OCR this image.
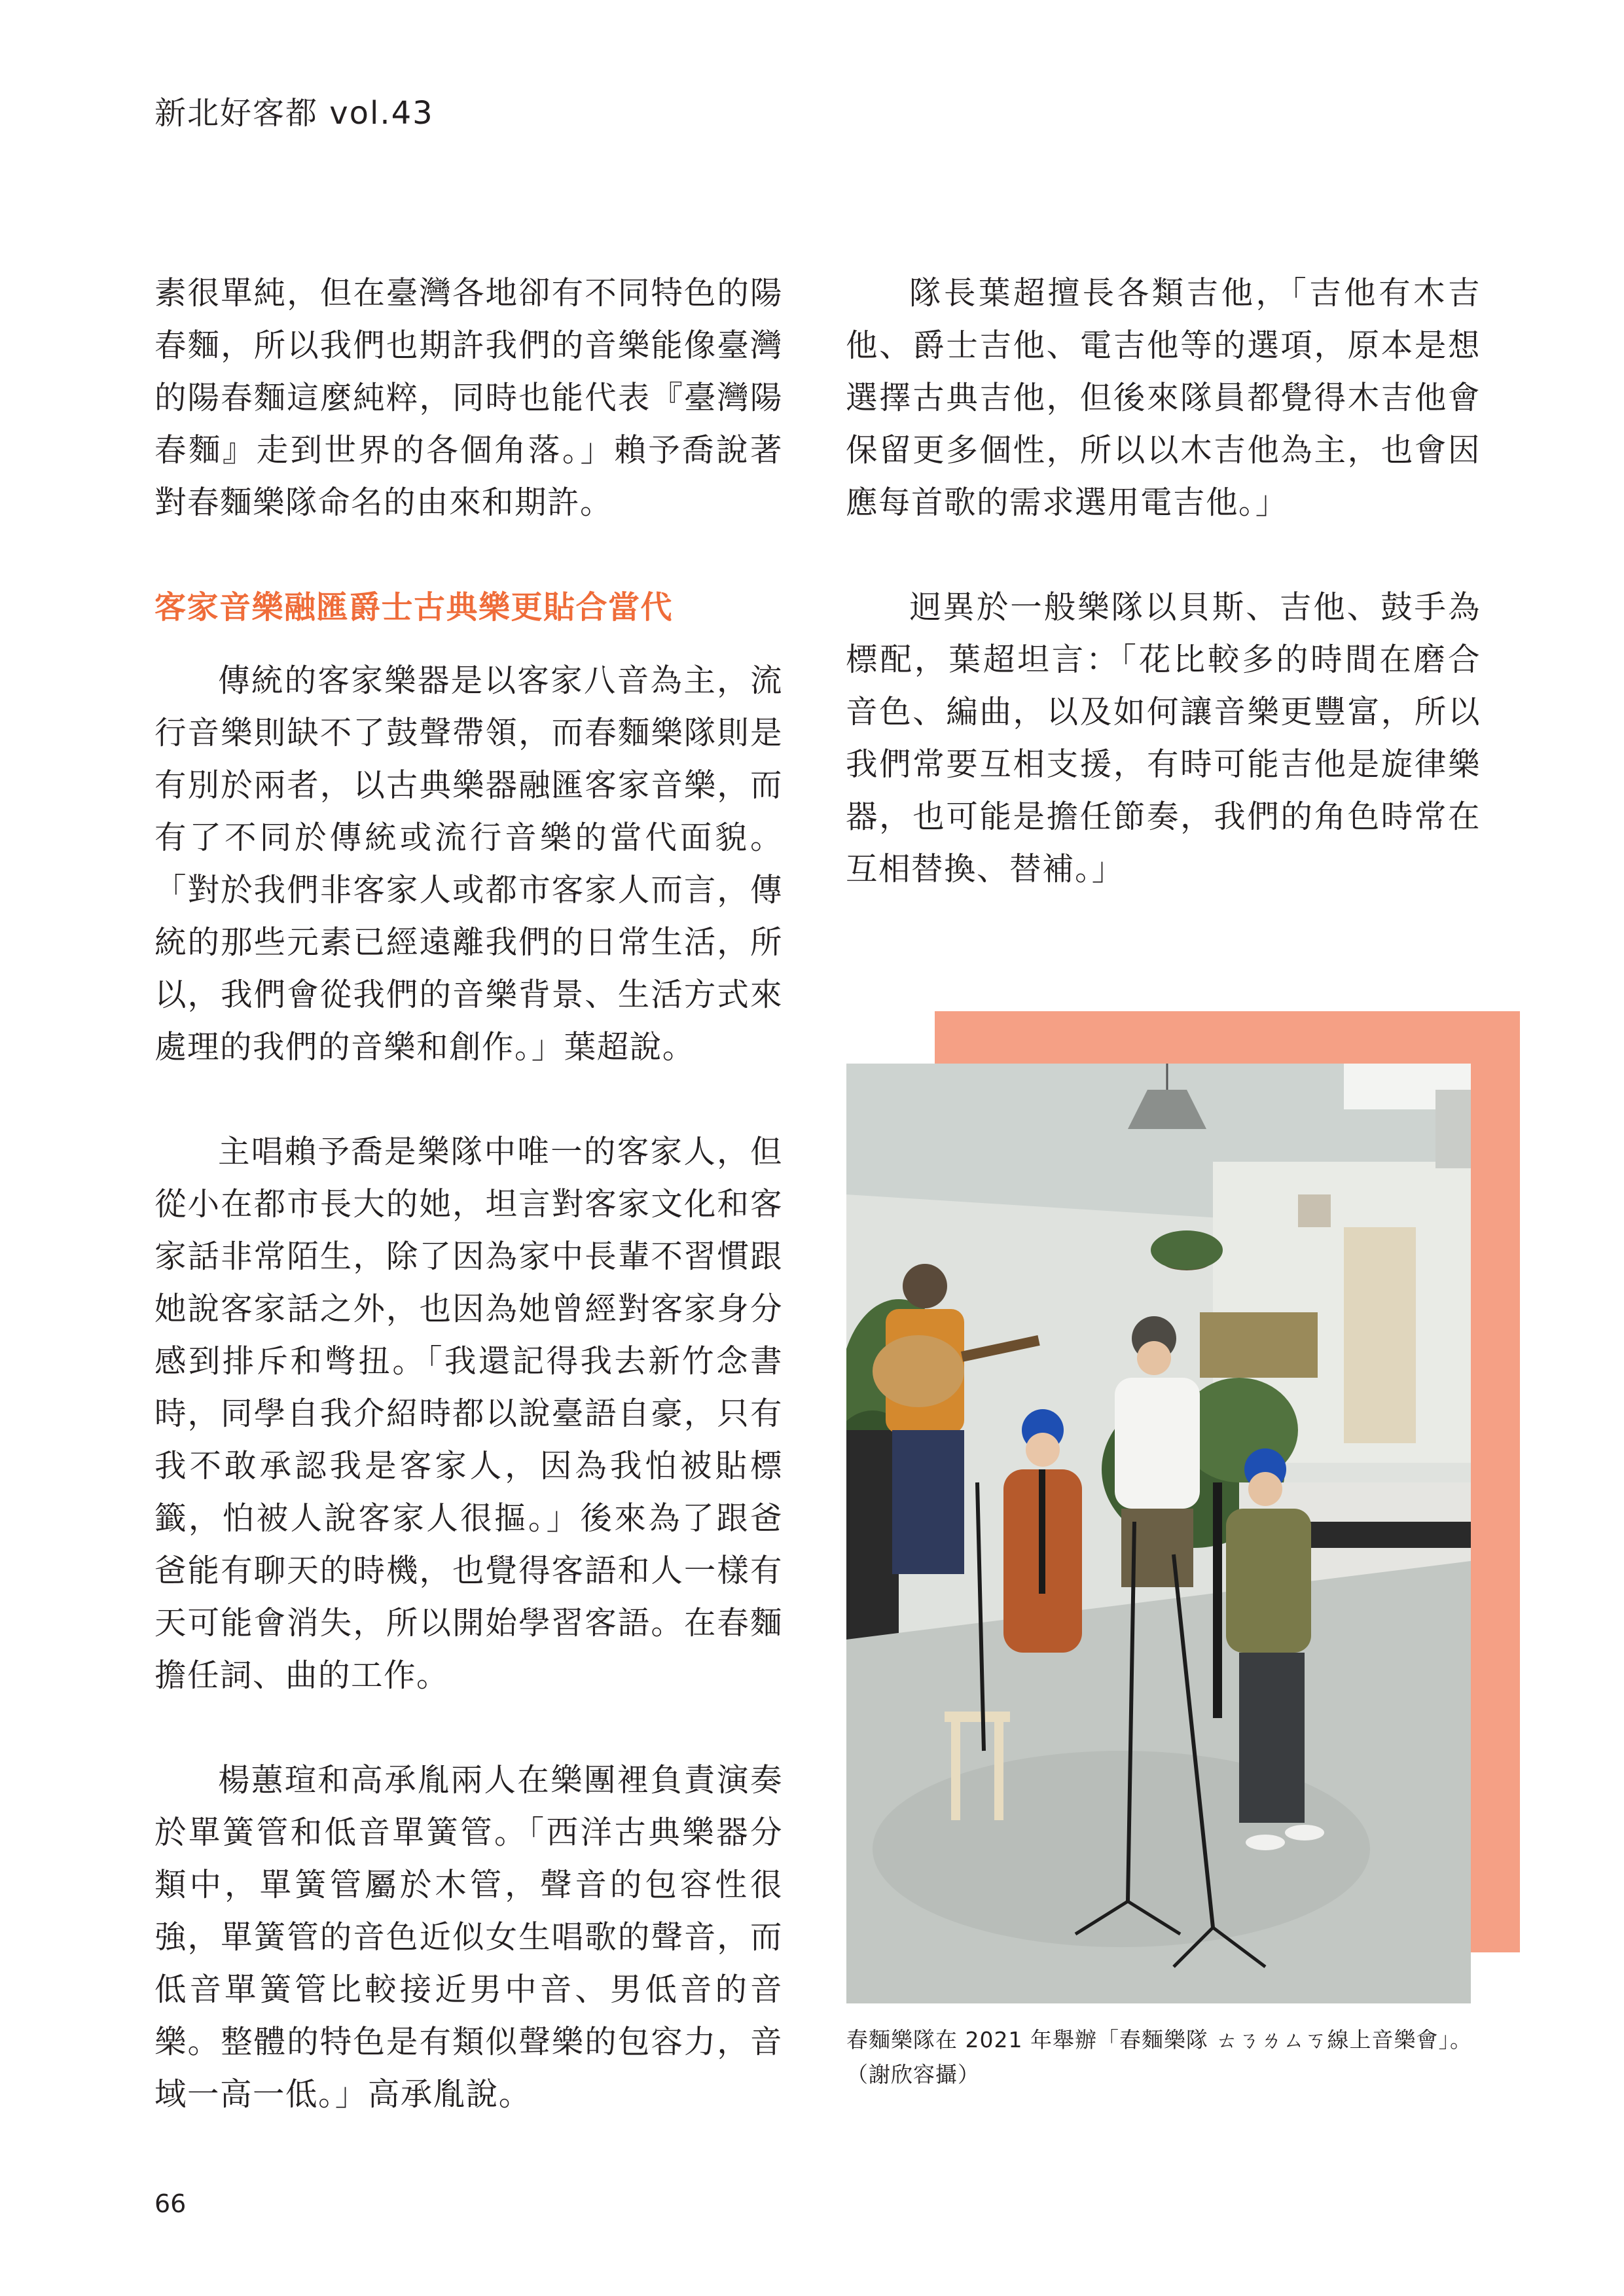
新北好客都 vol.43

素很單純，但在臺灣各地卻有不同特色的陽春麵，所以我們也期許我們的音樂能像臺灣的陽春麵這麼純粹，同時也能代表『臺灣陽春麵』走到世界的各個角落。」賴予喬說著對春麵樂隊命名的由來和期許。

客家音樂融匯爵士古典樂更貼合當代

傳統的客家樂器是以客家八音為主，流行音樂則缺不了鼓聲帶領，而春麵樂隊則是有別於兩者，以古典樂器融匯客家音樂，而有了不同於傳統或流行音樂的當代面貌。「對於我們非客家人或都市客家人而言，傳統的那些元素已經遠離我們的日常生活，所以，我們會從我們的音樂背景、生活方式來處理的我們的音樂和創作。」葉超說。

主唱賴予喬是樂隊中唯一的客家人，但從小在都市長大的她，坦言對客家文化和客家話非常陌生，除了因為家中長輩不習慣跟她說客家話之外，也因為她曾經對客家身分感到排斥和彆扭。「我還記得我去新竹念書時，同學自我介紹時都以說臺語自豪，只有我不敢承認我是客家人，因為我怕被貼標籤，怕被人說客家人很摳。」後來為了跟爸爸能有聊天的時機，也覺得客語和人一樣有天可能會消失，所以開始學習客語。在春麵擔任詞、曲的工作。

楊蕙瑄和高承胤兩人在樂團裡負責演奏於單簧管和低音單簧管。「西洋古典樂器分類中，單簧管屬於木管，聲音的包容性很強，單簧管的音色近似女生唱歌的聲音，而低音單簧管比較接近男中音、男低音的音樂。整體的特色是有類似聲樂的包容力，音域一高一低。」高承胤說。

隊長葉超擅長各類吉他，「吉他有木吉他、爵士吉他、電吉他等的選項，原本是想選擇古典吉他，但後來隊員都覺得木吉他會保留更多個性，所以以木吉他為主，也會因應每首歌的需求選用電吉他。」

迥異於一般樂隊以貝斯、吉他、鼓手為標配，葉超坦言：「花比較多的時間在磨合音色、編曲，以及如何讓音樂更豐富，所以我們常要互相支援，有時可能吉他是旋律樂器，也可能是擔任節奏，我們的角色時常在互相替換、替補。」

春麵樂隊在 2021 年舉辦「春麵樂隊 ㄊㄋㄌㄙㄎ線上音樂會」。（謝欣容攝）
66
